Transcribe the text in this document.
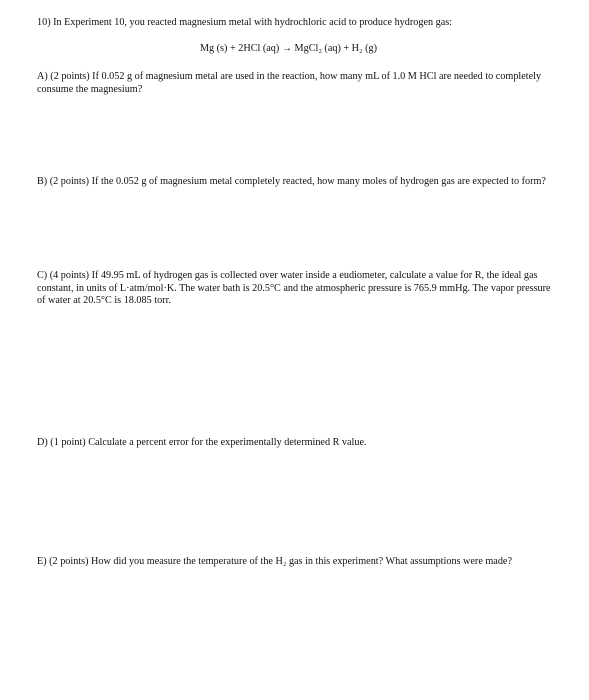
10) In Experiment 10, you reacted magnesium metal with hydrochloric acid to produce hydrogen gas:
Mg (s) + 2HCl (aq) → MgCl₂ (aq) + H₂ (g)
A) (2 points) If 0.052 g of magnesium metal are used in the reaction, how many mL of 1.0 M HCl are needed to completely consume the magnesium?
B) (2 points) If the 0.052 g of magnesium metal completely reacted, how many moles of hydrogen gas are expected to form?
C) (4 points) If 49.95 mL of hydrogen gas is collected over water inside a eudiometer, calculate a value for R, the ideal gas constant, in units of L·atm/mol·K. The water bath is 20.5°C and the atmospheric pressure is 765.9 mmHg. The vapor pressure of water at 20.5°C is 18.085 torr.
D) (1 point) Calculate a percent error for the experimentally determined R value.
E) (2 points) How did you measure the temperature of the H₂ gas in this experiment? What assumptions were made?
